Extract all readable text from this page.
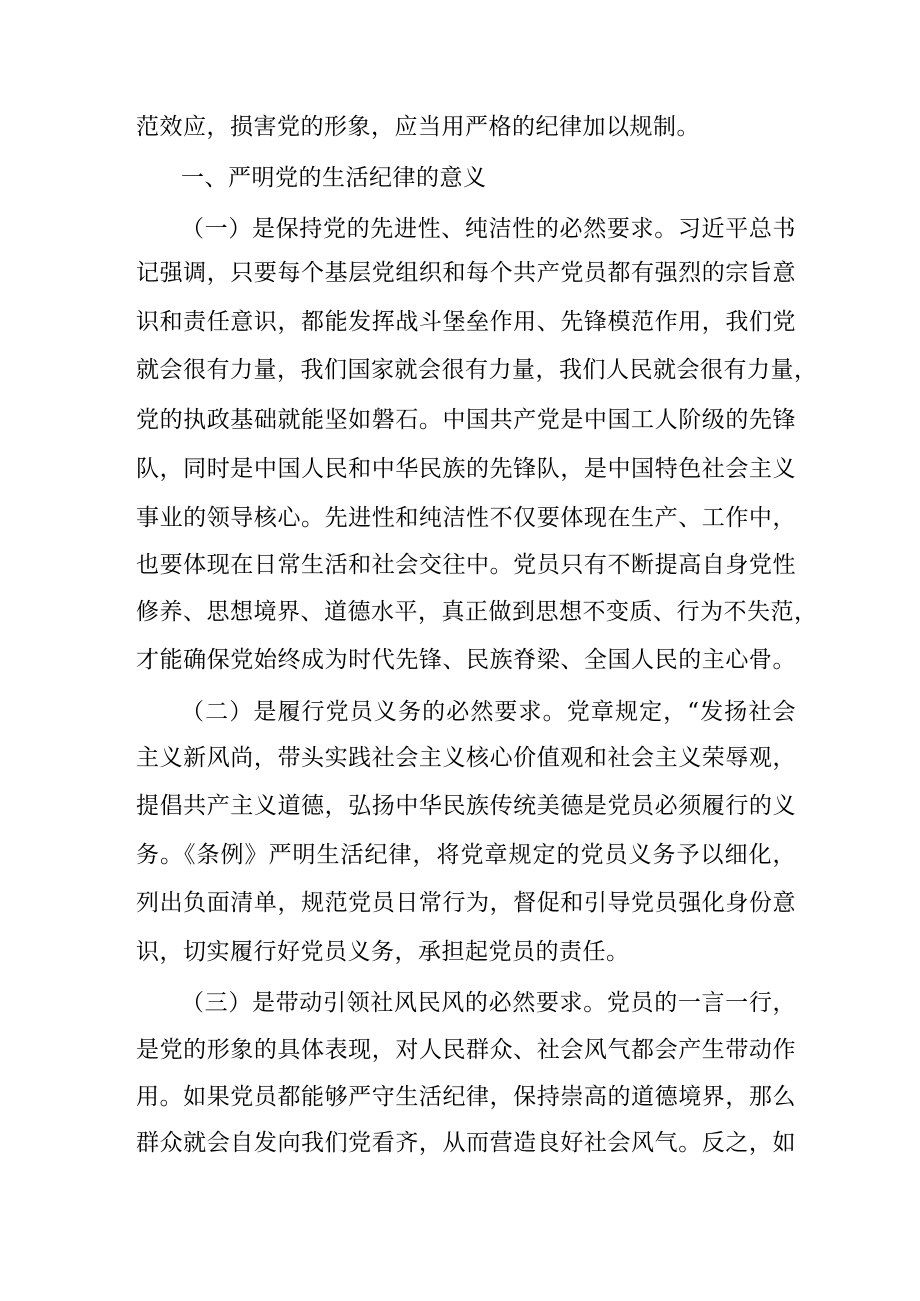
范效应，损害党的形象，应当用严格的纪律加以规制。
一、严明党的生活纪律的意义
（一）是保持党的先进性、纯洁性的必然要求。习近平总书
记强调，只要每个基层党组织和每个共产党员都有强烈的宗旨意
识和责任意识，都能发挥战斗堡垒作用、先锋模范作用，我们党
就会很有力量，我们国家就会很有力量，我们人民就会很有力量，
党的执政基础就能坚如磐石。中国共产党是中国工人阶级的先锋
队，同时是中国人民和中华民族的先锋队，是中国特色社会主义
事业的领导核心。先进性和纯洁性不仅要体现在生产、工作中，
也要体现在日常生活和社会交往中。党员只有不断提高自身党性
修养、思想境界、道德水平，真正做到思想不变质、行为不失范，
才能确保党始终成为时代先锋、民族脊梁、全国人民的主心骨。
（二）是履行党员义务的必然要求。党章规定，“发扬社会
主义新风尚，带头实践社会主义核心价值观和社会主义荣辱观，
提倡共产主义道德，弘扬中华民族传统美德是党员必须履行的义
务。《条例》严明生活纪律，将党章规定的党员义务予以细化，
列出负面清单，规范党员日常行为，督促和引导党员强化身份意
识，切实履行好党员义务，承担起党员的责任。
（三）是带动引领社风民风的必然要求。党员的一言一行，
是党的形象的具体表现，对人民群众、社会风气都会产生带动作
用。如果党员都能够严守生活纪律，保持崇高的道德境界，那么
群众就会自发向我们党看齐，从而营造良好社会风气。反之，如
